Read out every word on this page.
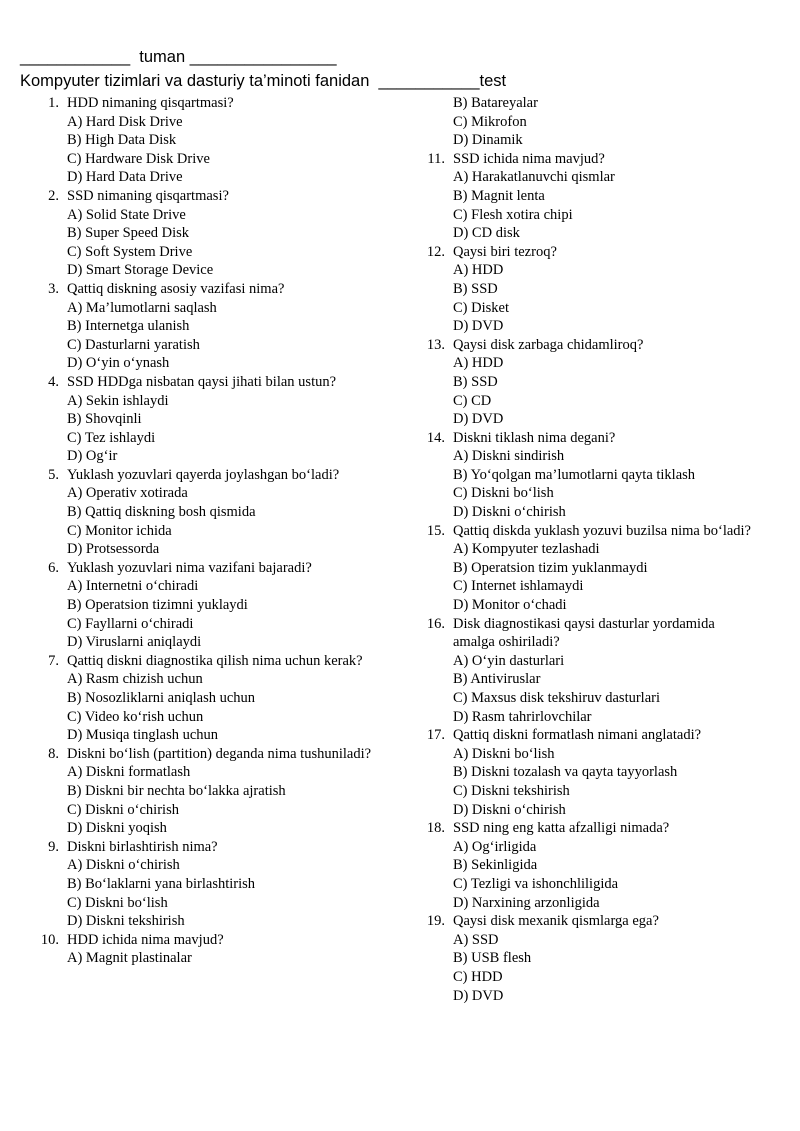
____________  tuman ________________
Kompyuter tizimlari va dasturiy ta’minoti fanidan  ___________test
1. HDD nimaning qisqartmasi?
A) Hard Disk Drive
B) High Data Disk
C) Hardware Disk Drive
D) Hard Data Drive
2. SSD nimaning qisqartmasi?
A) Solid State Drive
B) Super Speed Disk
C) Soft System Drive
D) Smart Storage Device
3. Qattiq diskning asosiy vazifasi nima?
A) Ma’lumotlarni saqlash
B) Internetga ulanish
C) Dasturlarni yaratish
D) O‘yin o‘ynash
4. SSD HDDga nisbatan qaysi jihati bilan ustun?
A) Sekin ishlaydi
B) Shovqinli
C) Tez ishlaydi
D) Og‘ir
5. Yuklash yozuvlari qayerda joylashgan bo‘ladi?
A) Operativ xotirada
B) Qattiq diskning bosh qismida
C) Monitor ichida
D) Protsessorda
6. Yuklash yozuvlari nima vazifani bajaradi?
A) Internetni o‘chiradi
B) Operatsion tizimni yuklaydi
C) Fayllarni o‘chiradi
D) Viruslarni aniqlaydi
7. Qattiq diskni diagnostika qilish nima uchun kerak?
A) Rasm chizish uchun
B) Nosozliklarni aniqlash uchun
C) Video ko‘rish uchun
D) Musiqa tinglash uchun
8. Diskni bo‘lish (partition) deganda nima tushuniladi?
A) Diskni formatlash
B) Diskni bir nechta bo‘lakka ajratish
C) Diskni o‘chirish
D) Diskni yoqish
9. Diskni birlashtirish nima?
A) Diskni o‘chirish
B) Bo‘laklarni yana birlashtirish
C) Diskni bo‘lish
D) Diskni tekshirish
10. HDD ichida nima mavjud?
A) Magnit plastinalar
B) Batareyalar
C) Mikrofon
D) Dinamik
11. SSD ichida nima mavjud?
A) Harakatlanuvchi qismlar
B) Magnit lenta
C) Flesh xotira chipi
D) CD disk
12. Qaysi biri tezroq?
A) HDD
B) SSD
C) Disket
D) DVD
13. Qaysi disk zarbaga chidamliroq?
A) HDD
B) SSD
C) CD
D) DVD
14. Diskni tiklash nima degani?
A) Diskni sindirish
B) Yo‘qolgan ma’lumotlarni qayta tiklash
C) Diskni bo‘lish
D) Diskni o‘chirish
15. Qattiq diskda yuklash yozuvi buzilsa nima bo‘ladi?
A) Kompyuter tezlashadi
B) Operatsion tizim yuklanmaydi
C) Internet ishlamaydi
D) Monitor o‘chadi
16. Disk diagnostikasi qaysi dasturlar yordamida amalga oshiriladi?
A) O‘yin dasturlari
B) Antiviruslar
C) Maxsus disk tekshiruv dasturlari
D) Rasm tahrirlovchilar
17. Qattiq diskni formatlash nimani anglatadi?
A) Diskni bo‘lish
B) Diskni tozalash va qayta tayyorlash
C) Diskni tekshirish
D) Diskni o‘chirish
18. SSD ning eng katta afzalligi nimada?
A) Og‘irligida
B) Sekinligida
C) Tezligi va ishonchliligida
D) Narxining arzonligida
19. Qaysi disk mexanik qismlarga ega?
A) SSD
B) USB flesh
C) HDD
D) DVD
